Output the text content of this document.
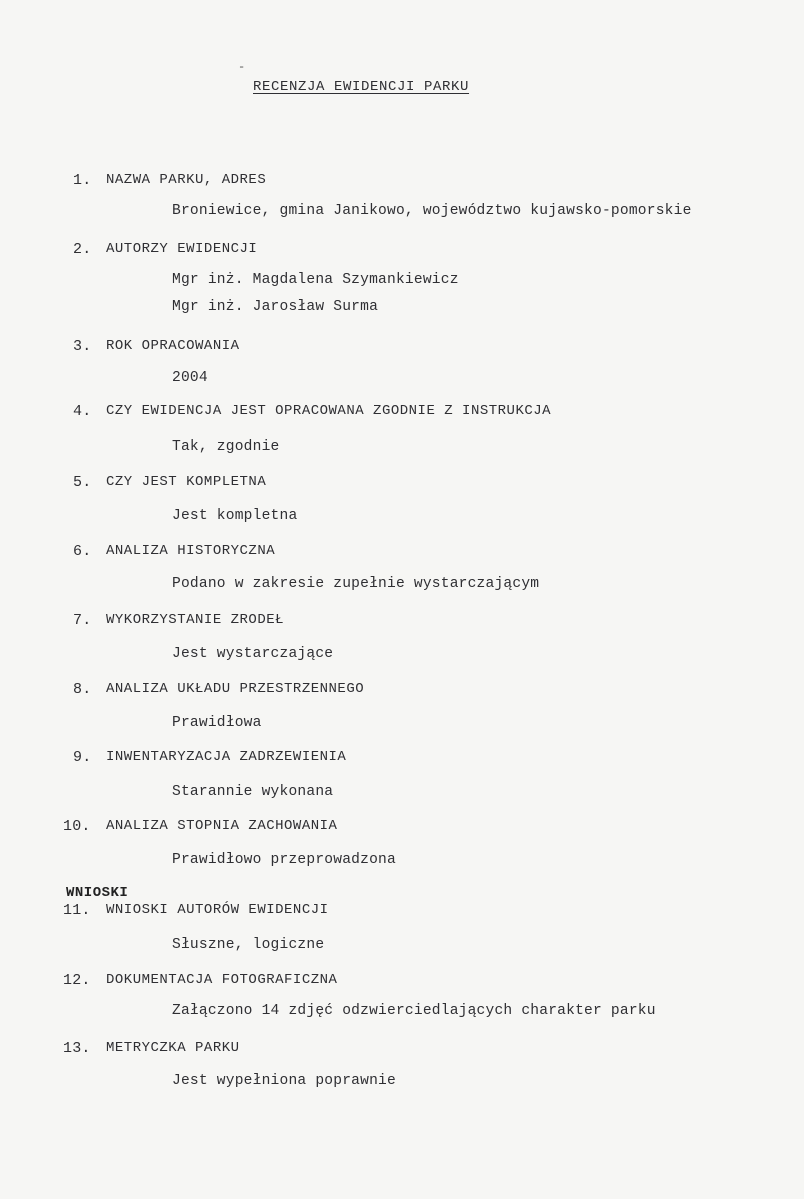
-
RECENZJA EWIDENCJI PARKU
1. NAZWA PARKU, ADRES
Broniewice, gmina Janikowo, województwo kujawsko-pomorskie
2. AUTORZY EWIDENCJI
Mgr inż. Magdalena Szymankiewicz
Mgr inż. Jarosław Surma
3. ROK OPRACOWANIA
2004
4. CZY EWIDENCJA JEST OPRACOWANA ZGODNIE Z INSTRUKCJA
Tak, zgodnie
5. CZY JEST KOMPLETNA
Jest kompletna
6. ANALIZA HISTORYCZNA
Podano w zakresie zupełnie wystarczającym
7. WYKORZYSTANIE ZRODEŁ
Jest wystarczające
8. ANALIZA UKŁADU PRZESTRZENNEGO
Prawidłowa
9. INWENTARYZACJA ZADRZEWIENIA
Starannie wykonana
10. ANALIZA STOPNIA ZACHOWANIA
Prawidłowo przeprowadzona
WNIOSKI
11. WNIOSKI AUTORÓW EWIDENCJI
Słuszne, logiczne
12. DOKUMENTACJA FOTOGRAFICZNA
Załączono 14 zdjęć odzwierciedlających charakter parku
13. METRYCZKA PARKU
Jest wypełniona poprawnie
